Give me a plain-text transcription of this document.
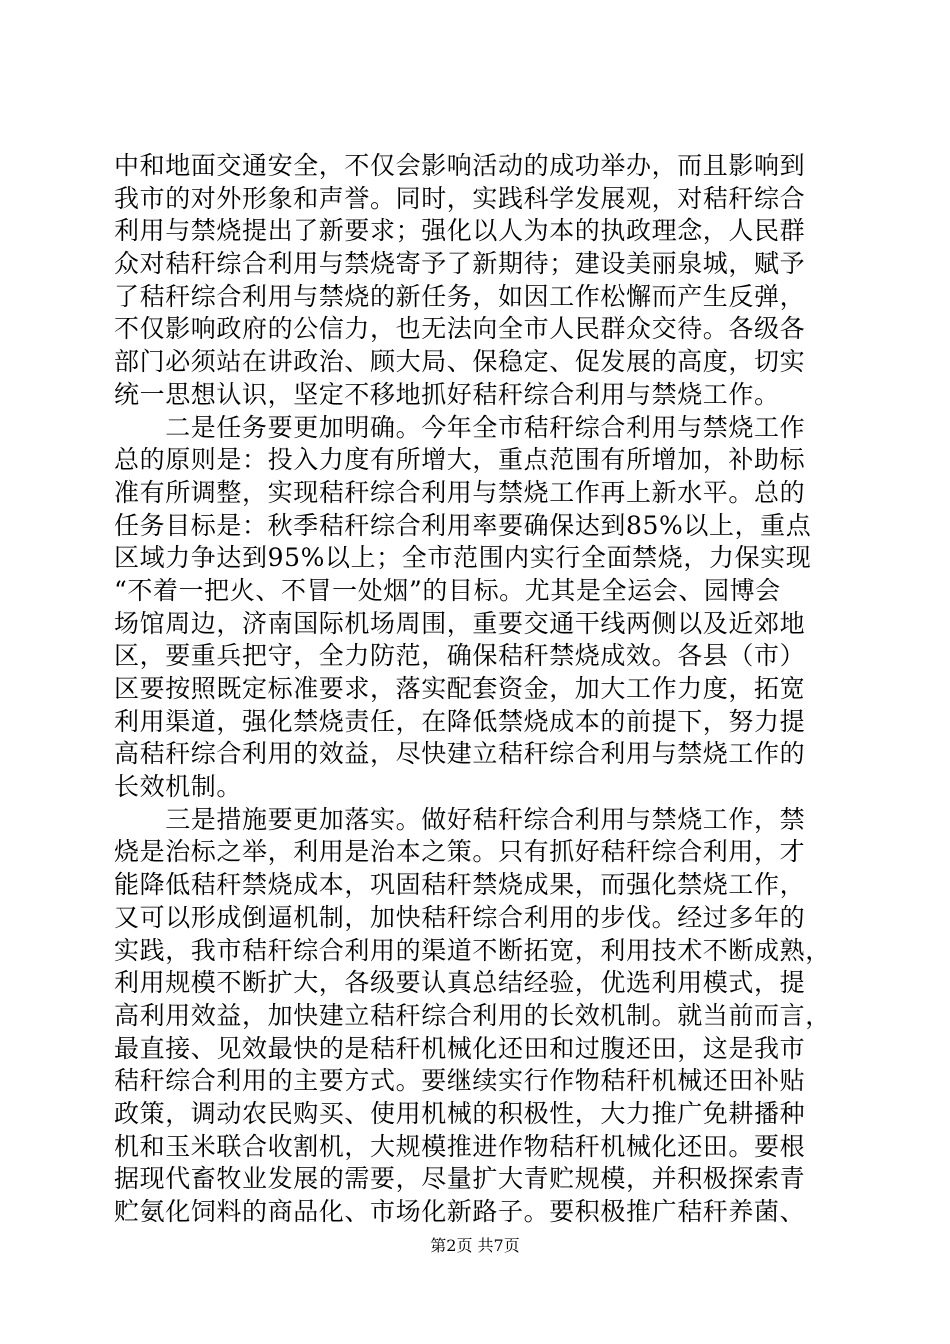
中和地面交通安全，不仅会影响活动的成功举办，而且影响到
我市的对外形象和声誉。同时，实践科学发展观，对秸秆综合
利用与禁烧提出了新要求；强化以人为本的执政理念，人民群
众对秸秆综合利用与禁烧寄予了新期待；建设美丽泉城，赋予
了秸秆综合利用与禁烧的新任务，如因工作松懈而产生反弹，
不仅影响政府的公信力，也无法向全市人民群众交待。各级各
部门必须站在讲政治、顾大局、保稳定、促发展的高度，切实
统一思想认识，坚定不移地抓好秸秆综合利用与禁烧工作。
　　二是任务要更加明确。今年全市秸秆综合利用与禁烧工作
总的原则是：投入力度有所增大，重点范围有所增加，补助标
准有所调整，实现秸秆综合利用与禁烧工作再上新水平。总的
任务目标是：秋季秸秆综合利用率要确保达到85%以上，重点
区域力争达到95%以上；全市范围内实行全面禁烧，力保实现
“不着一把火、不冒一处烟”的目标。尤其是全运会、园博会
场馆周边，济南国际机场周围，重要交通干线两侧以及近郊地
区，要重兵把守，全力防范，确保秸秆禁烧成效。各县（市）
区要按照既定标准要求，落实配套资金，加大工作力度，拓宽
利用渠道，强化禁烧责任，在降低禁烧成本的前提下，努力提
高秸秆综合利用的效益，尽快建立秸秆综合利用与禁烧工作的
长效机制。
　　三是措施要更加落实。做好秸秆综合利用与禁烧工作，禁
烧是治标之举，利用是治本之策。只有抓好秸秆综合利用，才
能降低秸秆禁烧成本，巩固秸秆禁烧成果，而强化禁烧工作，
又可以形成倒逼机制，加快秸秆综合利用的步伐。经过多年的
实践，我市秸秆综合利用的渠道不断拓宽，利用技术不断成熟，
利用规模不断扩大，各级要认真总结经验，优选利用模式，提
高利用效益，加快建立秸秆综合利用的长效机制。就当前而言，
最直接、见效最快的是秸秆机械化还田和过腹还田，这是我市
秸秆综合利用的主要方式。要继续实行作物秸秆机械还田补贴
政策，调动农民购买、使用机械的积极性，大力推广免耕播种
机和玉米联合收割机，大规模推进作物秸秆机械化还田。要根
据现代畜牧业发展的需要，尽量扩大青贮规模，并积极探索青
贮氨化饲料的商品化、市场化新路子。要积极推广秸秆养菌、
第2页 共7页
